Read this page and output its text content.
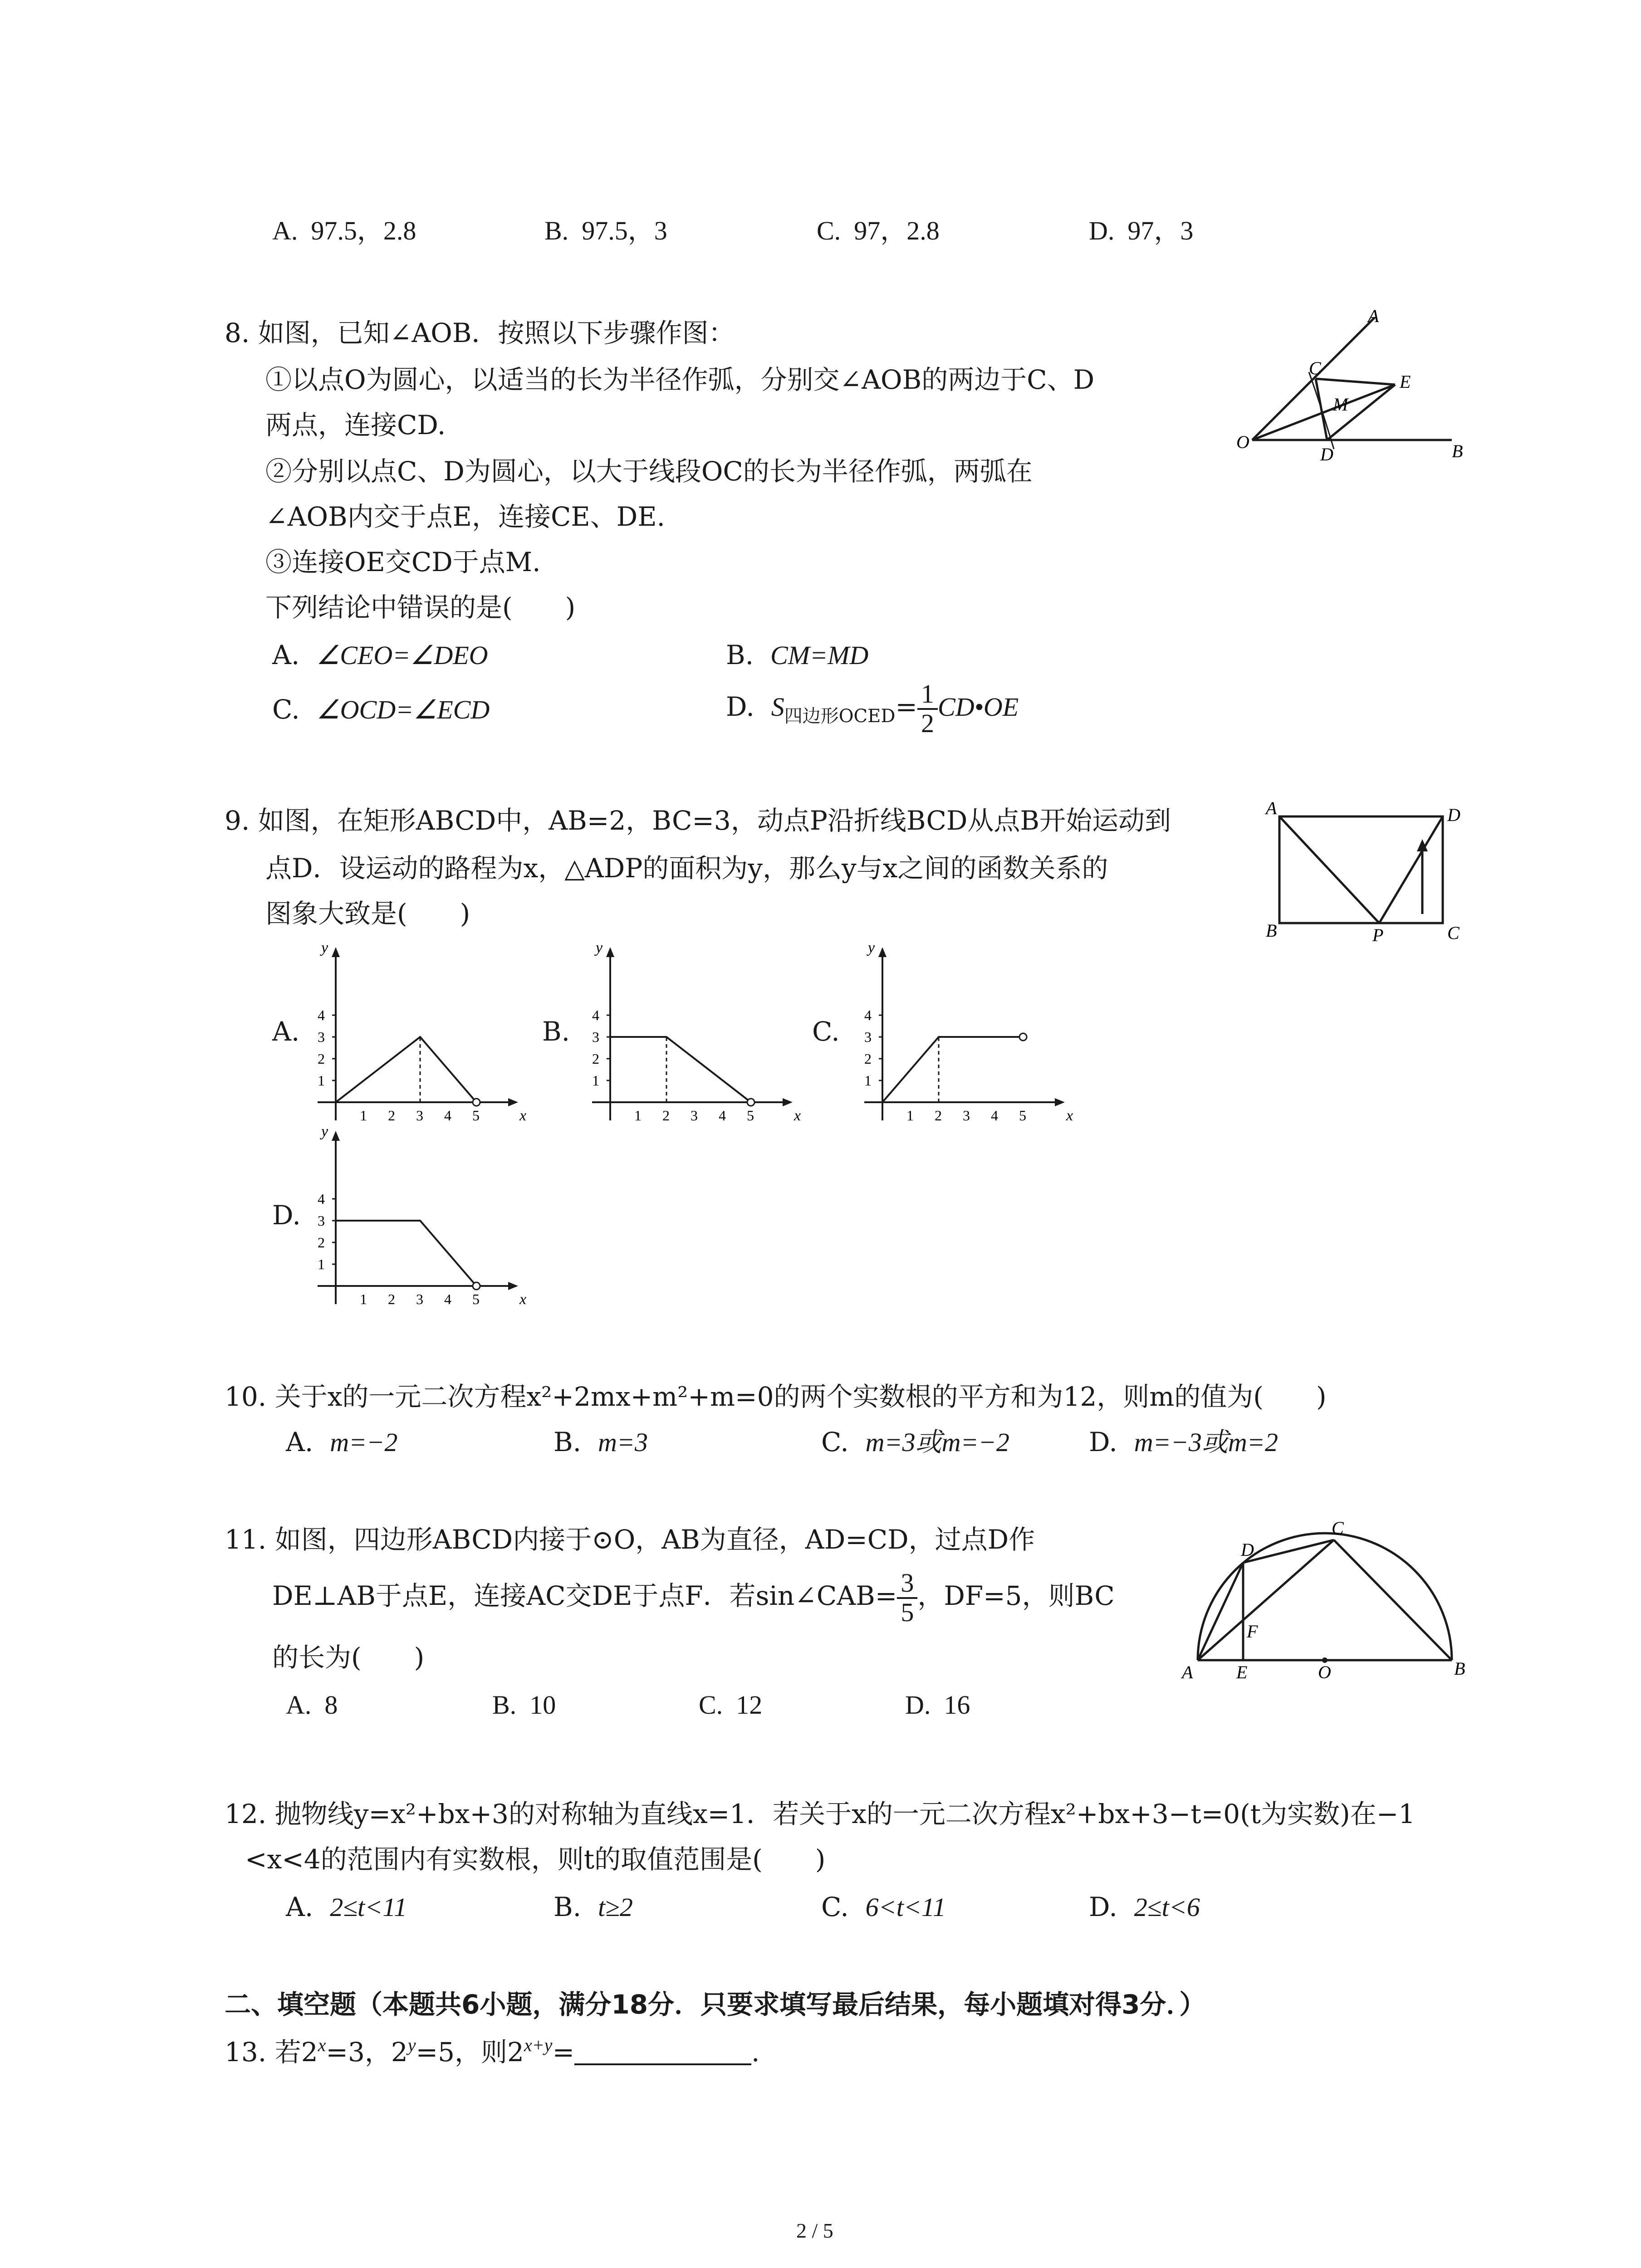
A. 97.5，2.8	B. 97.5，3	C. 97，2.8	D. 97，3
8. 如图，已知∠AOB．按照以下步骤作图：
①以点O为圆心，以适当的长为半径作弧，分别交∠AOB的两边于C、D
两点，连接CD.
②分别以点C、D为圆心，以大于线段OC的长为半径作弧，两弧在
∠AOB内交于点E，连接CE、DE.
③连接OE交CD于点M.
下列结论中错误的是(　　)
A. ∠CEO=∠DEO	B. CM=MD
C. ∠OCD=∠ECD	D. $S_{四边形OCED}= \frac{1}{2}$ CD•OE
A
C
E
M
O
D	B
9. 如图，在矩形ABCD中，AB=2，BC=3，动点P沿折线BCD从点B开始运动到
点D．设运动的路程为x，△ADP的面积为y，那么y与x之间的函数关系的
图象大致是(　　)
A	D
B	P	C
A.	B.	C.
D.
y
x
1
2
3
4
1 2 3 4 5
y
x
1
2
3
4
1 2 3 4 5
y
x
1
2
3
4
1 2 3 4 5
y
x
1
2
3
4
1 2 3 4 5
10. 关于x的一元二次方程x²+2mx+m²+m=0的两个实数根的平方和为12，则m的值为(　　)
A. m=−2	B. m=3	C. m=3或m=−2	D. m=−3或m=2
11. 如图，四边形ABCD内接于⊙O，AB为直径，AD=CD，过点D作
DE⊥AB于点E，连接AC交DE于点F．若sin∠CAB= $\frac{3}{5}$ ，DF=5，则BC
的长为(　　)
A. 8	B. 10	C. 12	D. 16
D
C
F
A E	O	B
12. 抛物线y=x²+bx+3的对称轴为直线x=1．若关于x的一元二次方程x²+bx+3−t=0(t为实数)在−1
<x<4的范围内有实数根，则t的取值范围是(　　)
A. 2≤t<11	B. t≥2	C. 6<t<11	D. 2≤t<6
二、填空题（本题共6小题，满分18分．只要求填写最后结果，每小题填对得3分．）
13. 若$2^x=3$，$2^y=5$，则$2^{x+y}=$	.
2 / 5
